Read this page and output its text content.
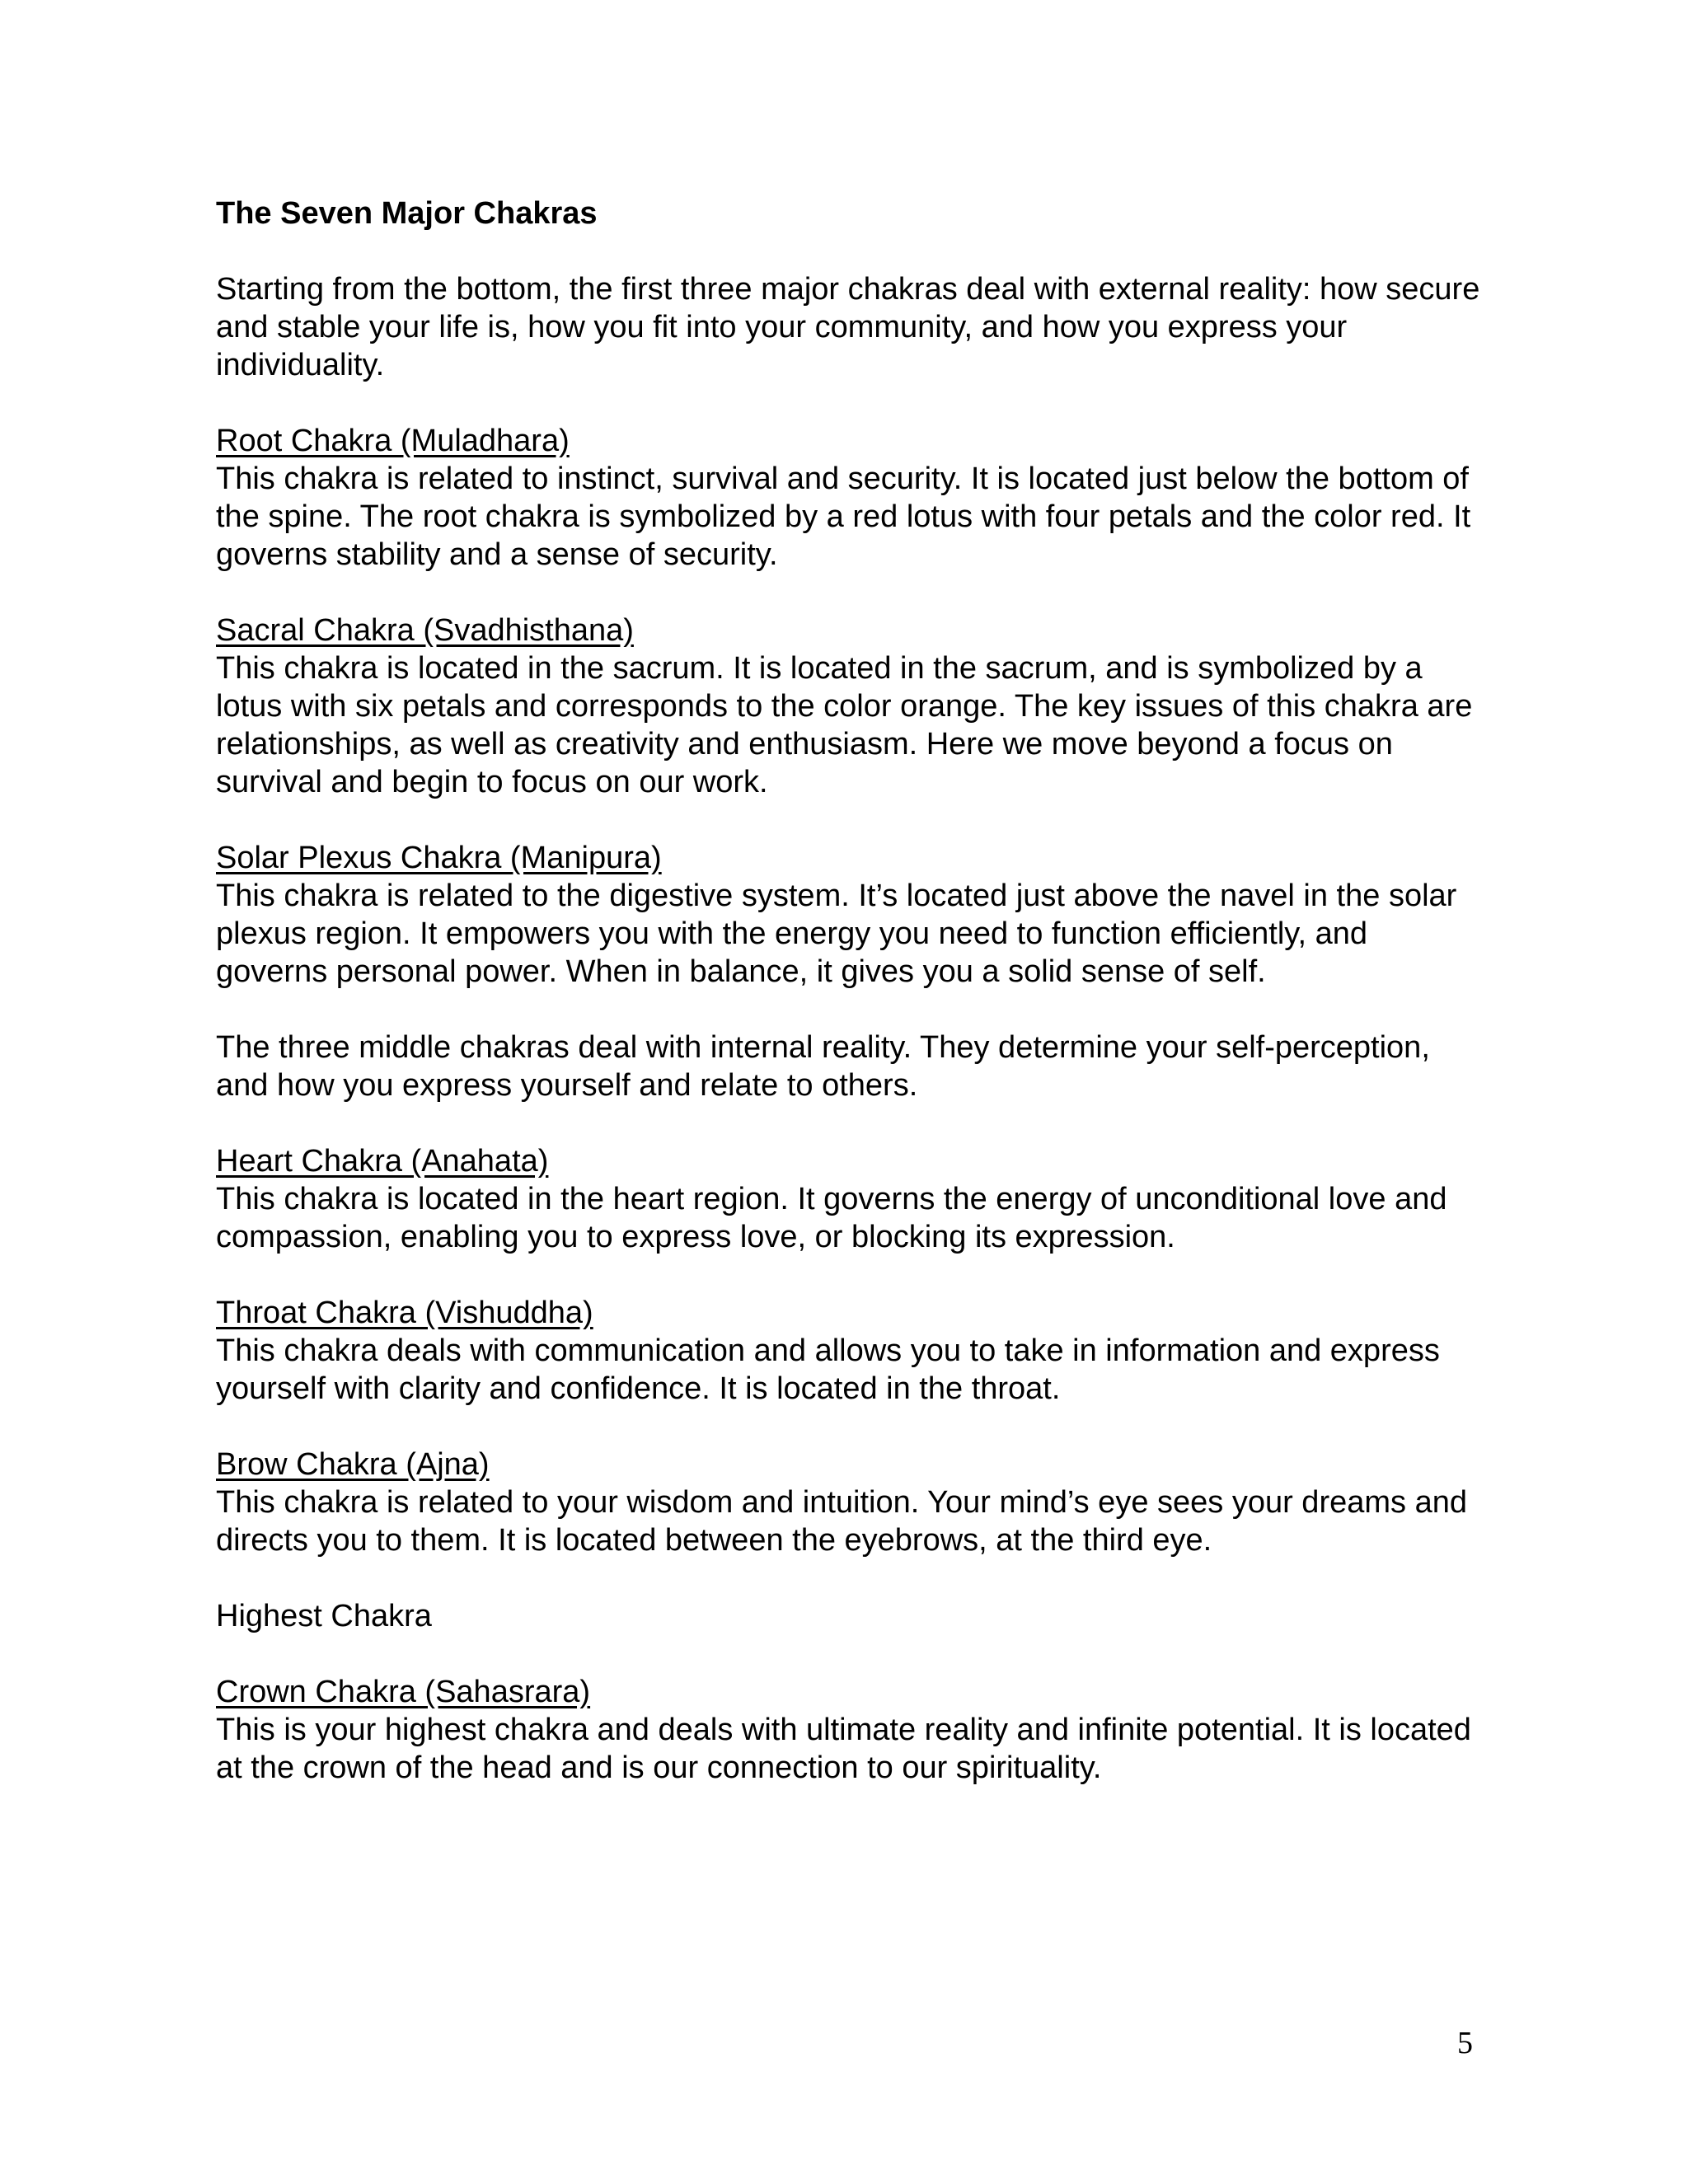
The Seven Major Chakras

Starting from the bottom, the first three major chakras deal with external reality: how secure and stable your life is, how you fit into your community, and how you express your individuality.

Root Chakra (Muladhara)

This chakra is related to instinct, survival and security. It is located just below the bottom of the spine. The root chakra is symbolized by a red lotus with four petals and the color red. It governs stability and a sense of security.

Sacral Chakra (Svadhisthana)

This chakra is located in the sacrum. It is located in the sacrum, and is symbolized by a lotus with six petals and corresponds to the color orange. The key issues of this chakra are relationships, as well as creativity and enthusiasm. Here we move beyond a focus on survival and begin to focus on our work.

Solar Plexus Chakra (Manipura)

This chakra is related to the digestive system. It’s located just above the navel in the solar plexus region. It empowers you with the energy you need to function efficiently, and governs personal power. When in balance, it gives you a solid sense of self.

The three middle chakras deal with internal reality. They determine your self-perception, and how you express yourself and relate to others.

Heart Chakra (Anahata)

This chakra is located in the heart region. It governs the energy of unconditional love and compassion, enabling you to express love, or blocking its expression.

Throat Chakra (Vishuddha)

This chakra deals with communication and allows you to take in information and express yourself with clarity and confidence. It is located in the throat.

Brow Chakra (Ajna)

This chakra is related to your wisdom and intuition. Your mind’s eye sees your dreams and directs you to them. It is located between the eyebrows, at the third eye.

Highest Chakra

Crown Chakra (Sahasrara)

This is your highest chakra and deals with ultimate reality and infinite potential. It is located at the crown of the head and is our connection to our spirituality.

5
